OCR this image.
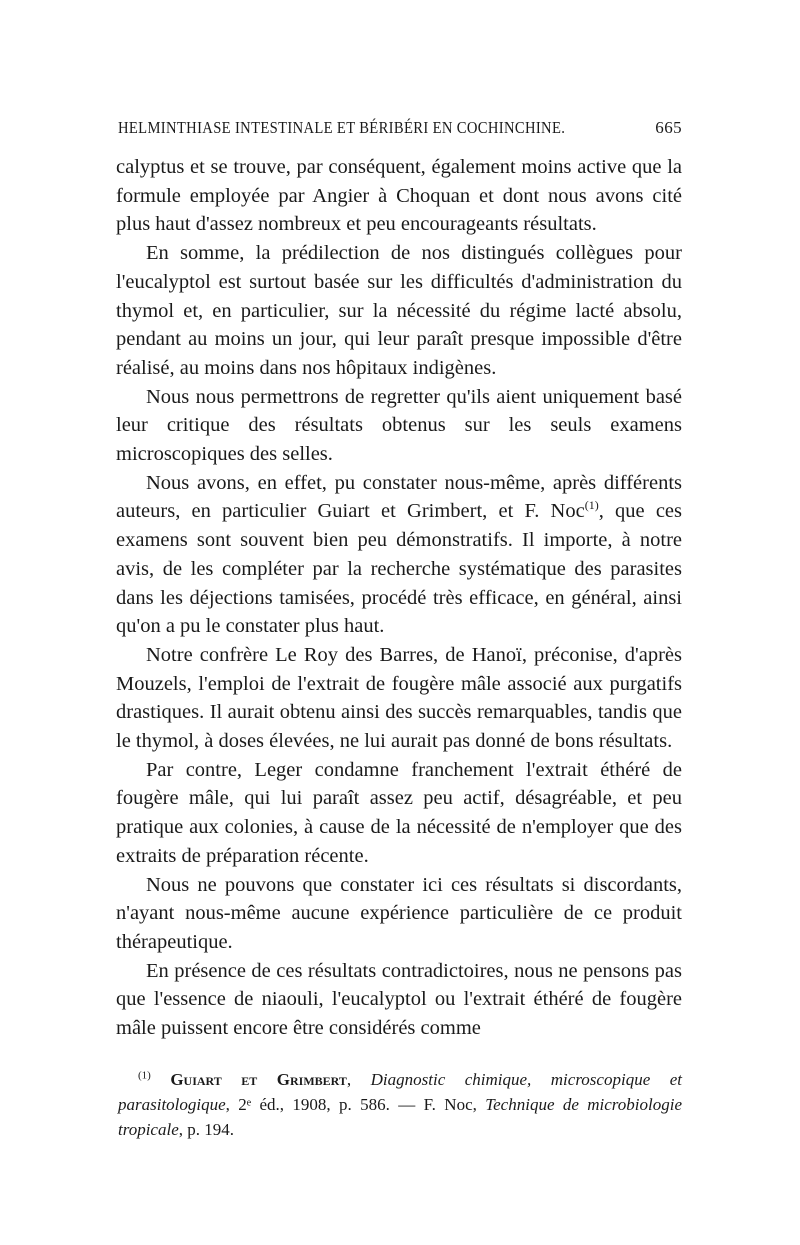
HELMINTHIASE INTESTINALE ET BÉRIBÉRI EN COCHINCHINE.	665

calyptus et se trouve, par conséquent, également moins active que la formule employée par Angier à Choquan et dont nous avons cité plus haut d'assez nombreux et peu encourageants résultats.

En somme, la prédilection de nos distingués collègues pour l'eucalyptol est surtout basée sur les difficultés d'administration du thymol et, en particulier, sur la nécessité du régime lacté absolu, pendant au moins un jour, qui leur paraît presque impossible d'être réalisé, au moins dans nos hôpitaux indigènes.

Nous nous permettrons de regretter qu'ils aient uniquement basé leur critique des résultats obtenus sur les seuls examens microscopiques des selles.

Nous avons, en effet, pu constater nous-même, après différents auteurs, en particulier Guiart et Grimbert, et F. Noc$^{(1)}$, que ces examens sont souvent bien peu démonstratifs. Il importe, à notre avis, de les compléter par la recherche systématique des parasites dans les déjections tamisées, procédé très efficace, en général, ainsi qu'on a pu le constater plus haut.

Notre confrère Le Roy des Barres, de Hanoï, préconise, d'après Mouzels, l'emploi de l'extrait de fougère mâle associé aux purgatifs drastiques. Il aurait obtenu ainsi des succès remarquables, tandis que le thymol, à doses élevées, ne lui aurait pas donné de bons résultats.

Par contre, Leger condamne franchement l'extrait éthéré de fougère mâle, qui lui paraît assez peu actif, désagréable, et peu pratique aux colonies, à cause de la nécessité de n'employer que des extraits de préparation récente.

Nous ne pouvons que constater ici ces résultats si discordants, n'ayant nous-même aucune expérience particulière de ce produit thérapeutique.

En présence de ces résultats contradictoires, nous ne pensons pas que l'essence de niaouli, l'eucalyptol ou l'extrait éthéré de fougère mâle puissent encore être considérés comme

$^{(1)}$ Guiart et Grimbert, Diagnostic chimique, microscopique et parasitologique, 2ᵉ éd., 1908, p. 586. — F. Noc, Technique de microbiologie tropicale, p. 194.
